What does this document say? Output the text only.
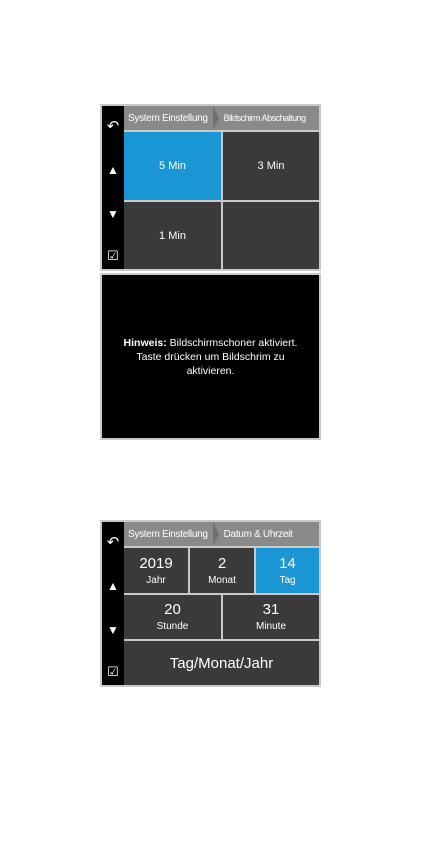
↶
▲
▼
☑
System Einstellung	Bildschirm Abschaltung
5 Min	3 Min
1 Min
Hinweis: Bildschirmschoner aktiviert. Taste drücken um Bildschrim zu aktivieren.
↶
▲
▼
☑
System Einstellung	Datum & Uhrzeit
2019
Jahr
2
Monat
14
Tag
20
Stunde
31
Minute
Tag/Monat/Jahr
